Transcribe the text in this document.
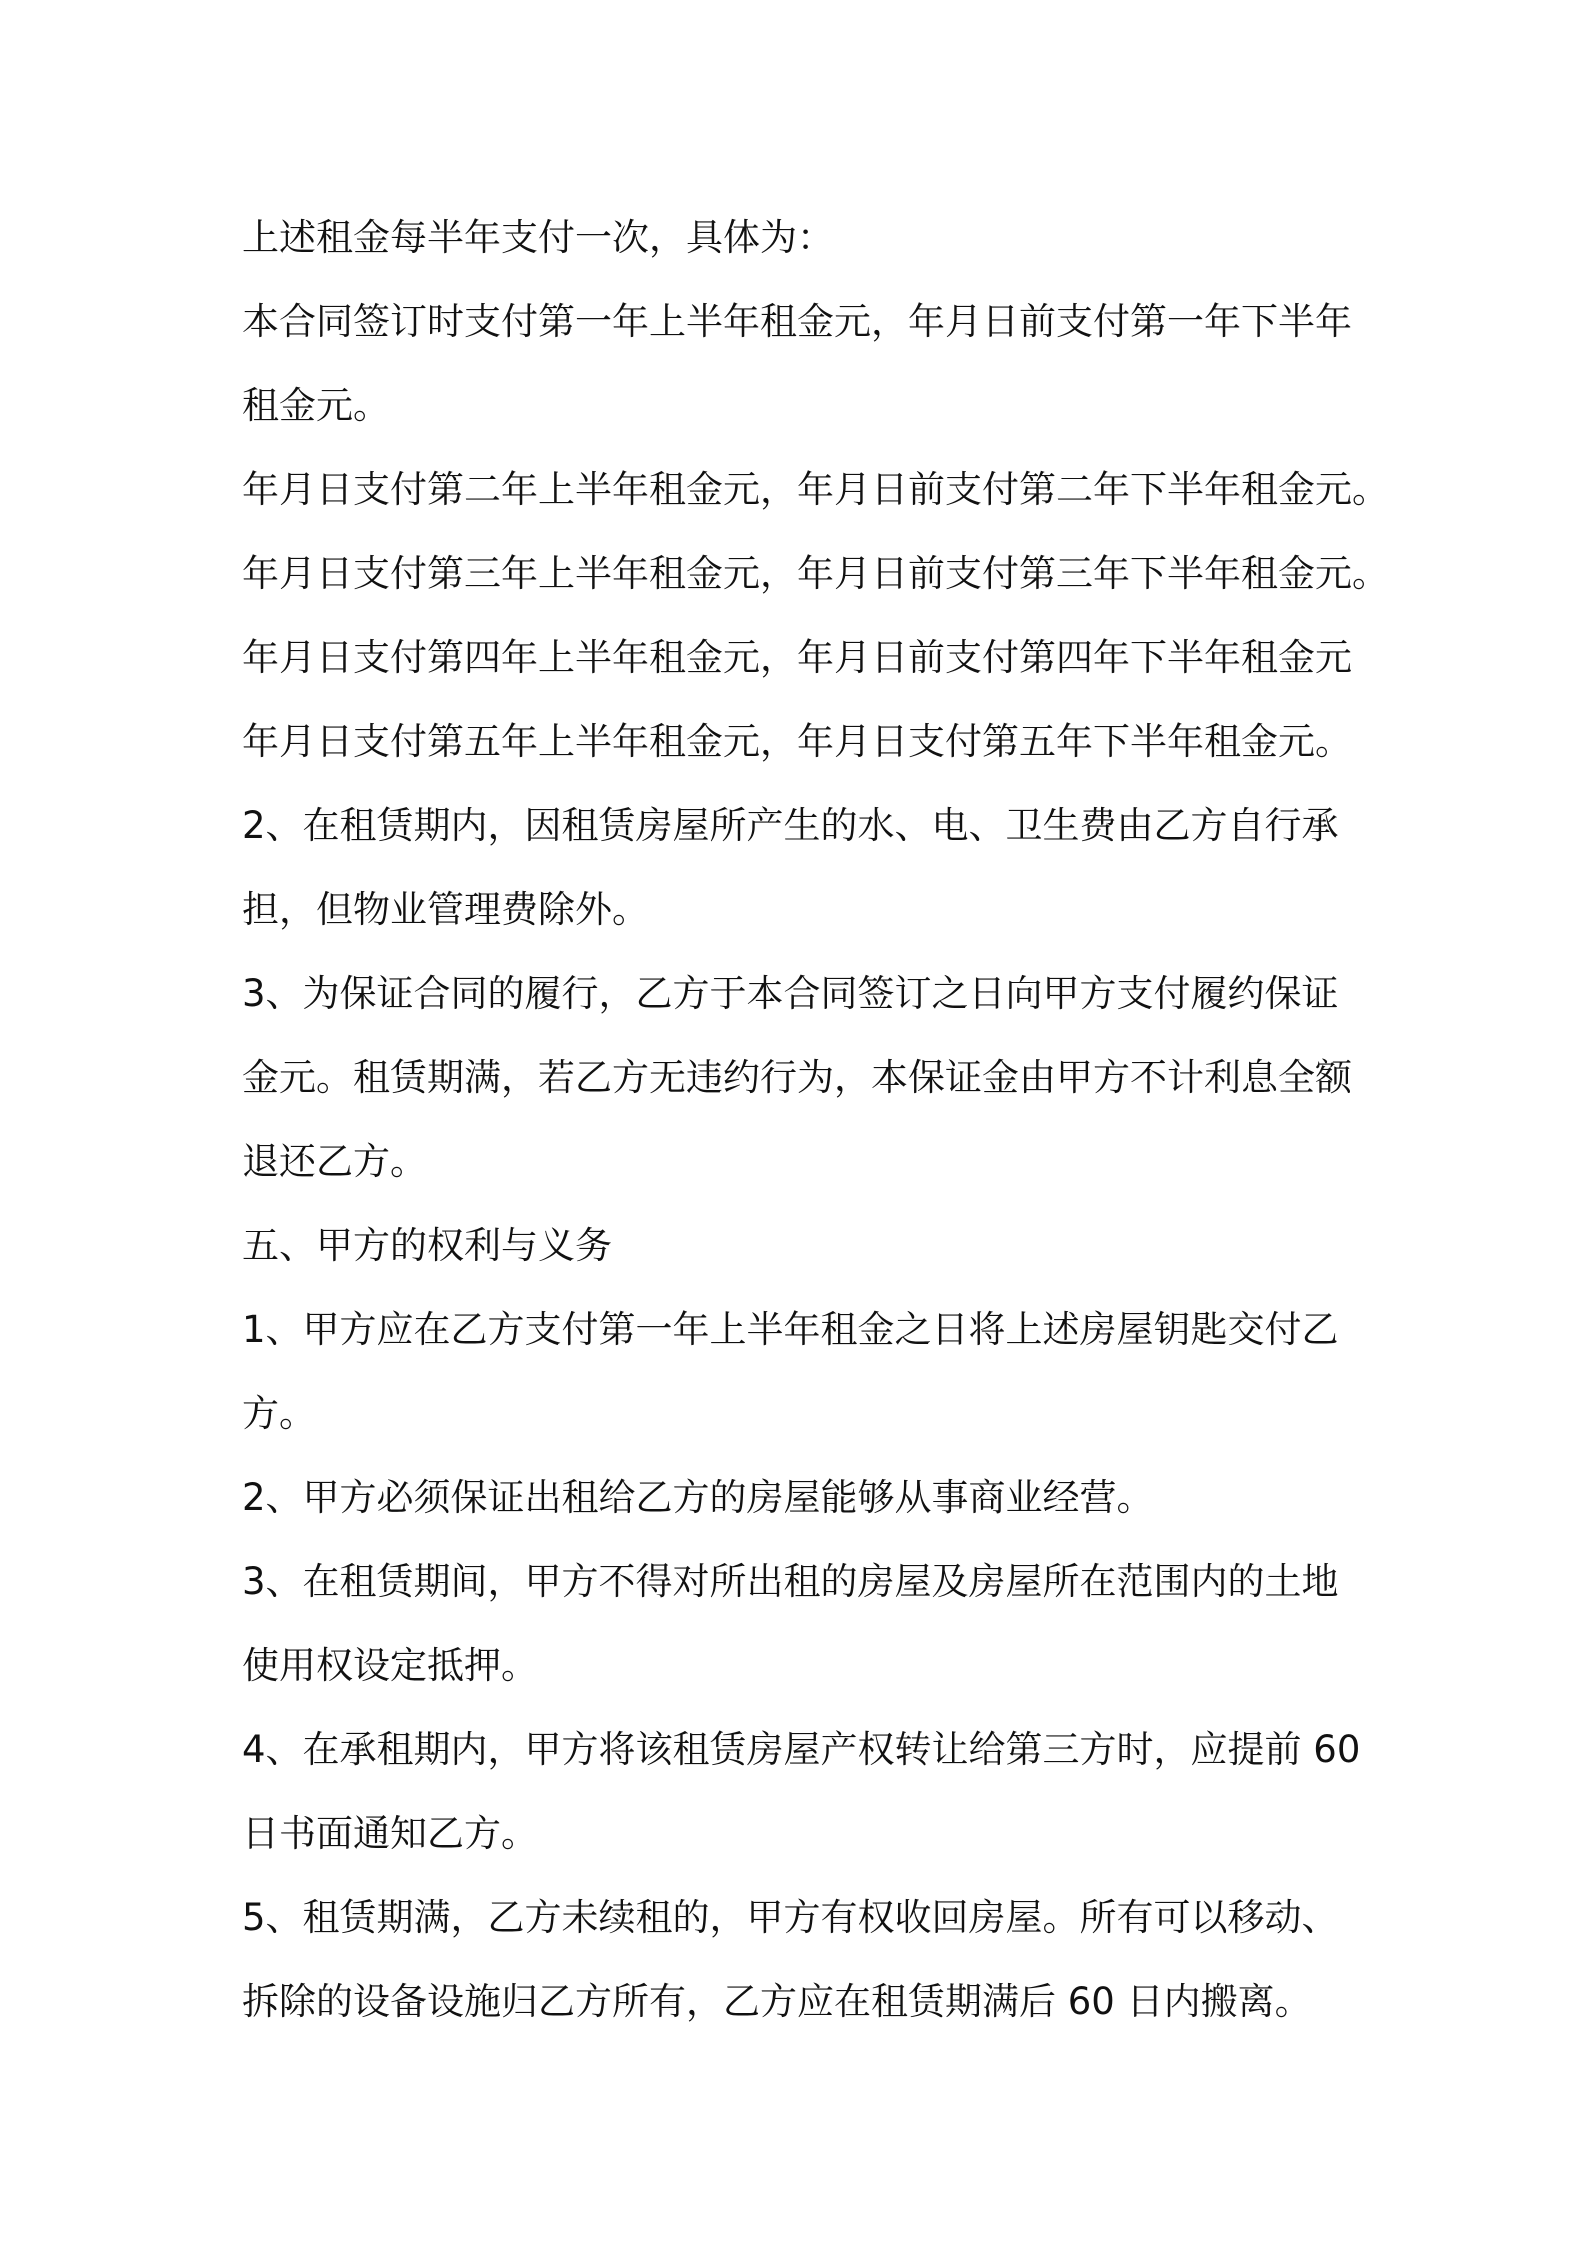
上述租金每半年支付一次，具体为：
本合同签订时支付第一年上半年租金元，年月日前支付第一年下半年
租金元。
年月日支付第二年上半年租金元，年月日前支付第二年下半年租金元。
年月日支付第三年上半年租金元，年月日前支付第三年下半年租金元。
年月日支付第四年上半年租金元，年月日前支付第四年下半年租金元
年月日支付第五年上半年租金元，年月日支付第五年下半年租金元。
2、在租赁期内，因租赁房屋所产生的水、电、卫生费由乙方自行承
担，但物业管理费除外。
3、为保证合同的履行，乙方于本合同签订之日向甲方支付履约保证
金元。租赁期满，若乙方无违约行为，本保证金由甲方不计利息全额
退还乙方。
五、甲方的权利与义务
1、甲方应在乙方支付第一年上半年租金之日将上述房屋钥匙交付乙
方。
2、甲方必须保证出租给乙方的房屋能够从事商业经营。
3、在租赁期间，甲方不得对所出租的房屋及房屋所在范围内的土地
使用权设定抵押。
4、在承租期内，甲方将该租赁房屋产权转让给第三方时，应提前 60
日书面通知乙方。
5、租赁期满，乙方未续租的，甲方有权收回房屋。所有可以移动、
拆除的设备设施归乙方所有，乙方应在租赁期满后 60 日内搬离。
